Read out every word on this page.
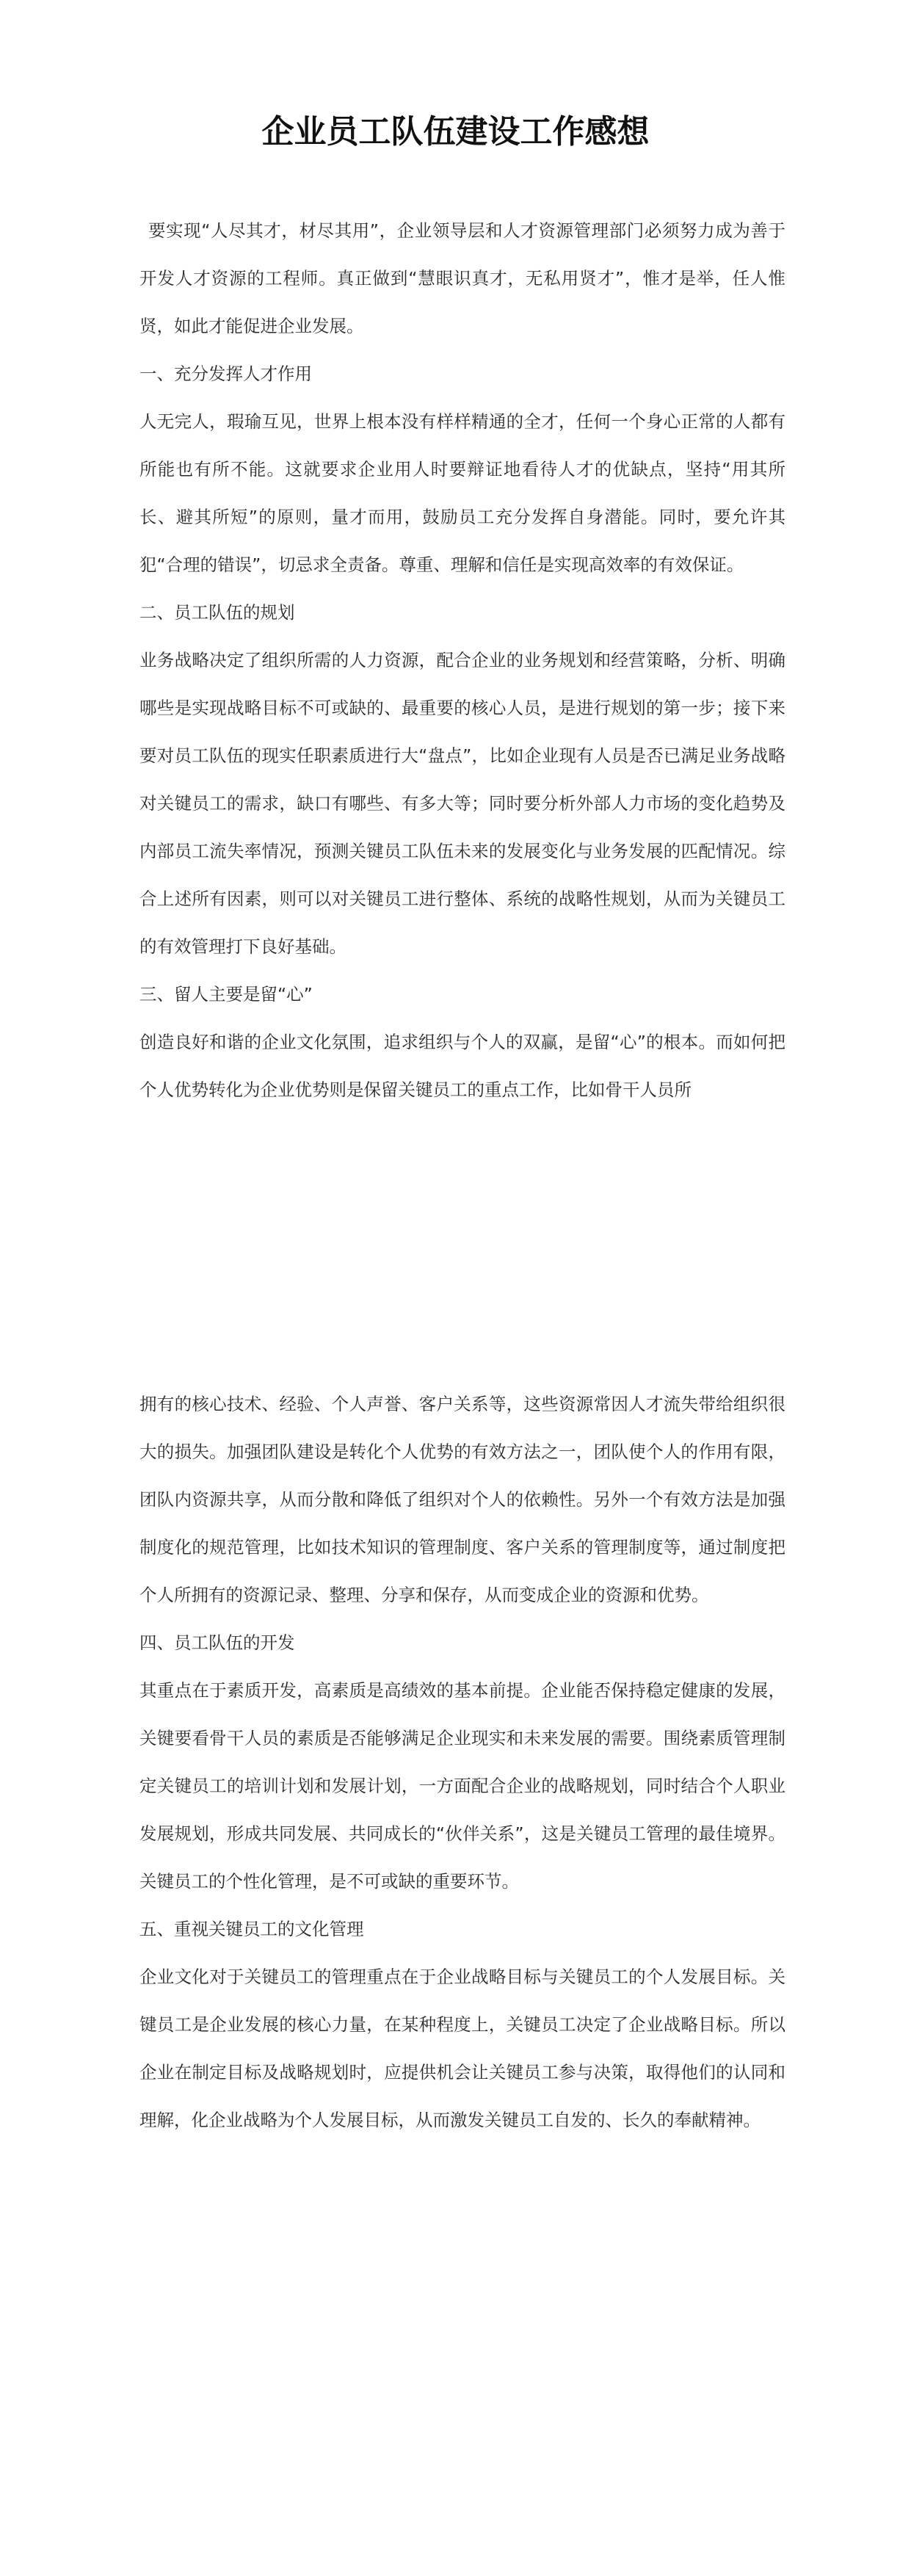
企业员工队伍建设工作感想

要实现“人尽其才，材尽其用”，企业领导层和人才资源管理部门必须努力成为善于开发人才资源的工程师。真正做到“慧眼识真才，无私用贤才”，惟才是举，任人惟贤，如此才能促进企业发展。

一、充分发挥人才作用

人无完人，瑕瑜互见，世界上根本没有样样精通的全才，任何一个身心正常的人都有所能也有所不能。这就要求企业用人时要辩证地看待人才的优缺点，坚持“用其所长、避其所短”的原则，量才而用，鼓励员工充分发挥自身潜能。同时，要允许其犯“合理的错误”，切忌求全责备。尊重、理解和信任是实现高效率的有效保证。

二、员工队伍的规划

业务战略决定了组织所需的人力资源，配合企业的业务规划和经营策略，分析、明确哪些是实现战略目标不可或缺的、最重要的核心人员，是进行规划的第一步；接下来要对员工队伍的现实任职素质进行大“盘点”，比如企业现有人员是否已满足业务战略对关键员工的需求，缺口有哪些、有多大等；同时要分析外部人力市场的变化趋势及内部员工流失率情况，预测关键员工队伍未来的发展变化与业务发展的匹配情况。综合上述所有因素，则可以对关键员工进行整体、系统的战略性规划，从而为关键员工的有效管理打下良好基础。

三、留人主要是留“心”

创造良好和谐的企业文化氛围，追求组织与个人的双赢，是留“心”的根本。而如何把个人优势转化为企业优势则是保留关键员工的重点工作，比如骨干人员所

拥有的核心技术、经验、个人声誉、客户关系等，这些资源常因人才流失带给组织很大的损失。加强团队建设是转化个人优势的有效方法之一，团队使个人的作用有限，团队内资源共享，从而分散和降低了组织对个人的依赖性。另外一个有效方法是加强制度化的规范管理，比如技术知识的管理制度、客户关系的管理制度等，通过制度把个人所拥有的资源记录、整理、分享和保存，从而变成企业的资源和优势。

四、员工队伍的开发

其重点在于素质开发，高素质是高绩效的基本前提。企业能否保持稳定健康的发展，关键要看骨干人员的素质是否能够满足企业现实和未来发展的需要。围绕素质管理制定关键员工的培训计划和发展计划，一方面配合企业的战略规划，同时结合个人职业发展规划，形成共同发展、共同成长的“伙伴关系”，这是关键员工管理的最佳境界。关键员工的个性化管理，是不可或缺的重要环节。

五、重视关键员工的文化管理

企业文化对于关键员工的管理重点在于企业战略目标与关键员工的个人发展目标。关键员工是企业发展的核心力量，在某种程度上，关键员工决定了企业战略目标。所以企业在制定目标及战略规划时，应提供机会让关键员工参与决策，取得他们的认同和理解，化企业战略为个人发展目标，从而激发关键员工自发的、长久的奉献精神。
